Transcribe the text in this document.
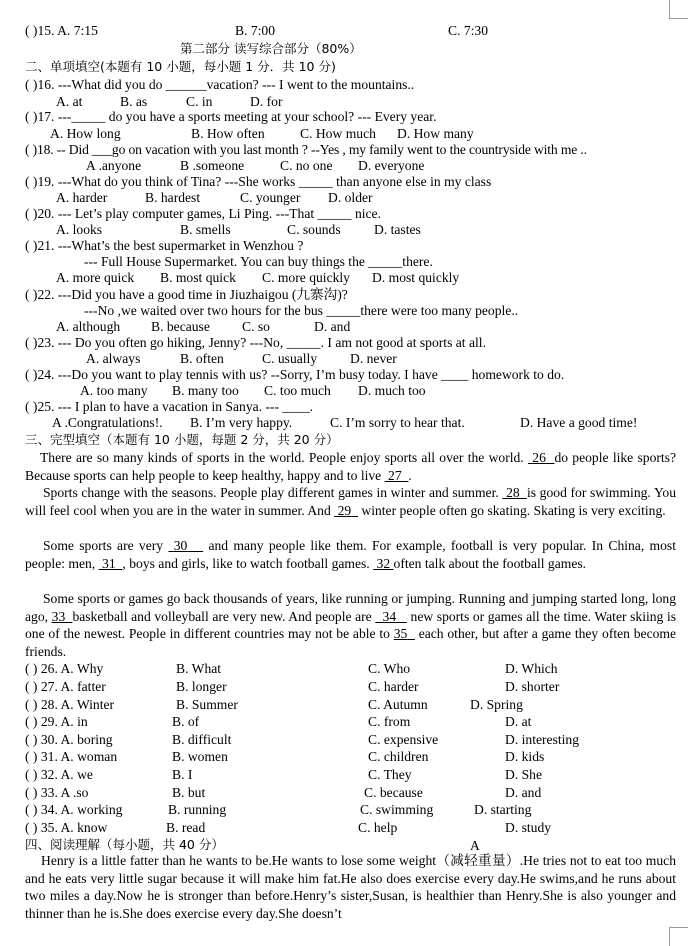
( )15. A. 7:15	B. 7:00	C. 7:30
第二部分 读写综合部分（80%）
二、单项填空(本题有 10 小题，每小题 1 分．共 10 分)
( )16. ---What did you do ______vacation? --- I went to the mountains..
A. at	B. as	C. in	D. for
( )17. ---_____ do you have a sports meeting at your school? --- Every year.
A. How long	B. How often	C. How much D. How many
( )18. -- Did ___go on vacation with you last month ? --Yes , my family went to the countryside with me ..
A .anyone	B .someone	C. no one D. everyone
( )19. ---What do you think of Tina? ---She works _____ than anyone else in my class
A. harder	B. hardest	C. younger D. older
( )20. --- Let’s play computer games, Li Ping. ---That _____ nice.
A. looks	B. smells	C. sounds D. tastes
( )21. ---What’s the best supermarket in Wenzhou ?
--- Full House Supermarket. You can buy things the _____there.
A. more quick B. most quick C. more quickly D. most quickly
( )22. ---Did you have a good time in Jiuzhaigou (九寨沟)?
---No ,we waited over two hours for the bus _____there were too many people..
A. although B. because C. so	D. and
( )23. --- Do you often go hiking, Jenny? ---No, _____. I am not good at sports at all.
A. always	B. often	C. usually D. never
( )24. ---Do you want to play tennis with us? --Sorry, I’m busy today. I have ____ homework to do.
A. too many B. many too C. too much D. much too
( )25. --- I plan to have a vacation in Sanya. --- ____.
A .Congratulations!. B. I’m very happy.	C. I’m sorry to hear that.	D. Have a good time!
三、完型填空（本题有 10 小题，每题 2 分，共 20 分）
There are so many kinds of sports in the world. People enjoy sports all over the world. 26 do people like sports? Because sports can help people to keep healthy, happy and to live 27 .
Sports change with the seasons. People play different games in winter and summer. 28 is good for swimming. You will feel cool when you are in the water in summer. And 29 winter people often go skating. Skating is very exciting.
Some sports are very 30 and many people like them. For example, football is very popular. In China, most people: men, 31 , boys and girls, like to watch football games. 32 often talk about the football games.
Some sports or games go back thousands of years, like running or jumping. Running and jumping started long, long ago, 33 basketball and volleyball are very new. And people are 34 new sports or games all the time. Water skiing is one of the newest. People in different countries may not be able to 35 each other, but after a game they often become friends.
( ) 26. A. Why	B. What	C. Who	D. Which
( ) 27. A. fatter	B. longer	C. harder	D. shorter
( ) 28. A. Winter	B. Summer	C. Autumn	D. Spring
( ) 29. A. in	B. of	C. from	D. at
( ) 30. A. boring	B. difficult	C. expensive	D. interesting
( ) 31. A. woman	B. women	C. children	D. kids
( ) 32. A. we	B. I	C. They	D. She
( ) 33. A .so	B. but	C. because	D. and
( ) 34. A. working	B. running	C. swimming	D. starting
( ) 35. A. know	B. read	C. help	D. study
四、阅读理解（每小题，共 40 分）	A
Henry is a little fatter than he wants to be.He wants to lose some weight（减轻重量）.He tries not to eat too much and he eats very little sugar because it will make him fat.He also does exercise every day.He swims,and he runs about two miles a day.Now he is stronger than before.Henry’s sister,Susan, is healthier than Henry.She is also younger and thinner than he is.She does exercise every day.She doesn’t
